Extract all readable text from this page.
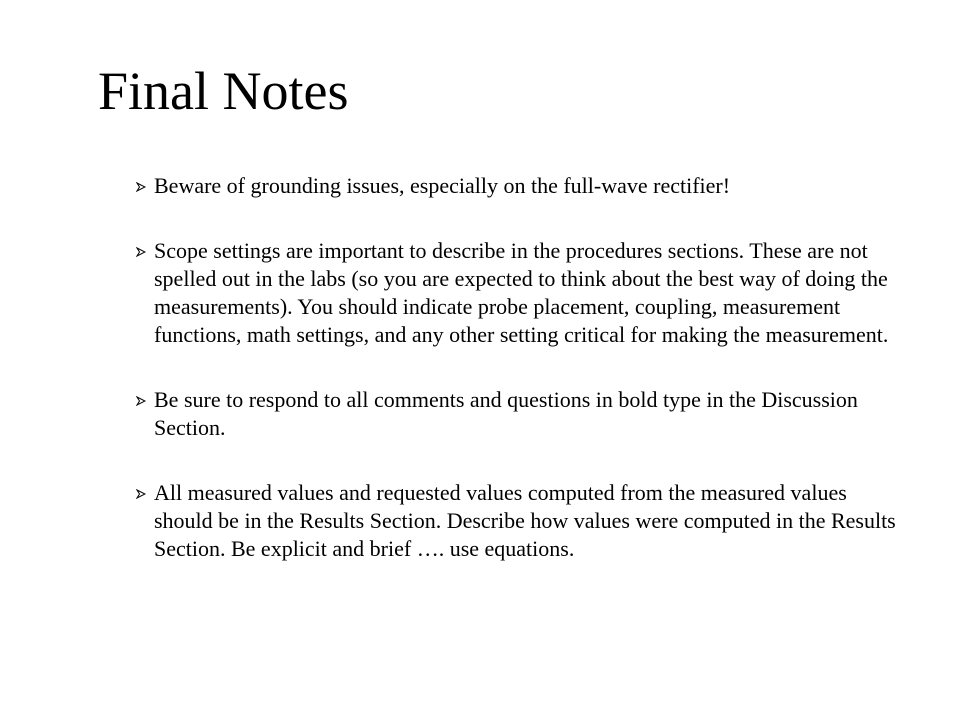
Final Notes
Beware of grounding issues, especially on the full-wave rectifier!
Scope settings are important to describe in the procedures sections. These are not spelled out in the labs (so you are expected to think about the best way of doing the measurements). You should indicate probe placement, coupling, measurement functions, math settings, and any other setting critical for making the measurement.
Be sure to respond to all comments and questions in bold type in the Discussion Section.
All measured values and requested values computed from the measured values should be in the Results Section. Describe how values were computed in the Results Section. Be explicit and brief …. use equations.
